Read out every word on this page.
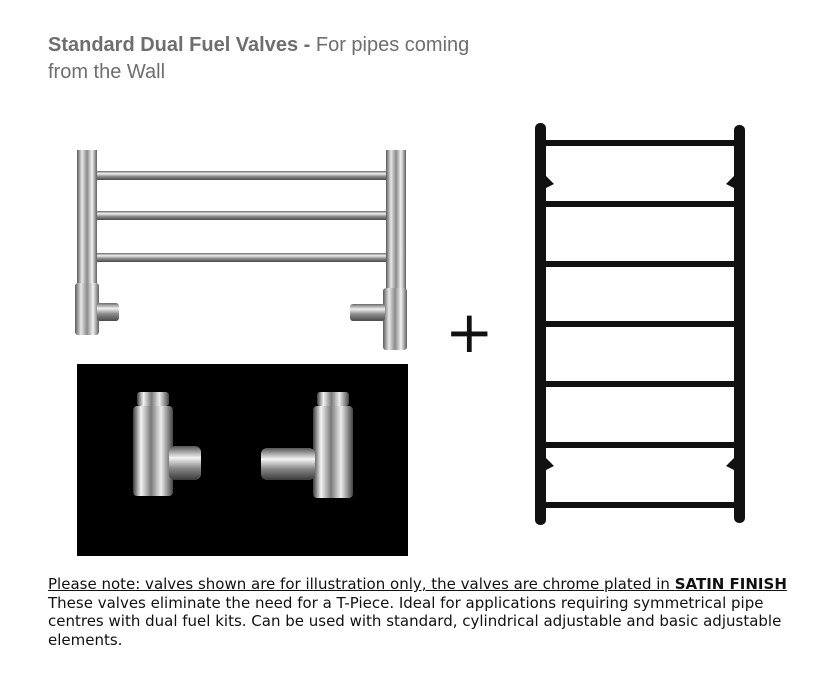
Standard Dual Fuel Valves - For pipes coming from the Wall
+
Please note: valves shown are for illustration only, the valves are chrome plated in SATIN FINISH
These valves eliminate the need for a T-Piece. Ideal for applications requiring symmetrical pipe centres with dual fuel kits. Can be used with standard, cylindrical adjustable and basic adjustable elements.
